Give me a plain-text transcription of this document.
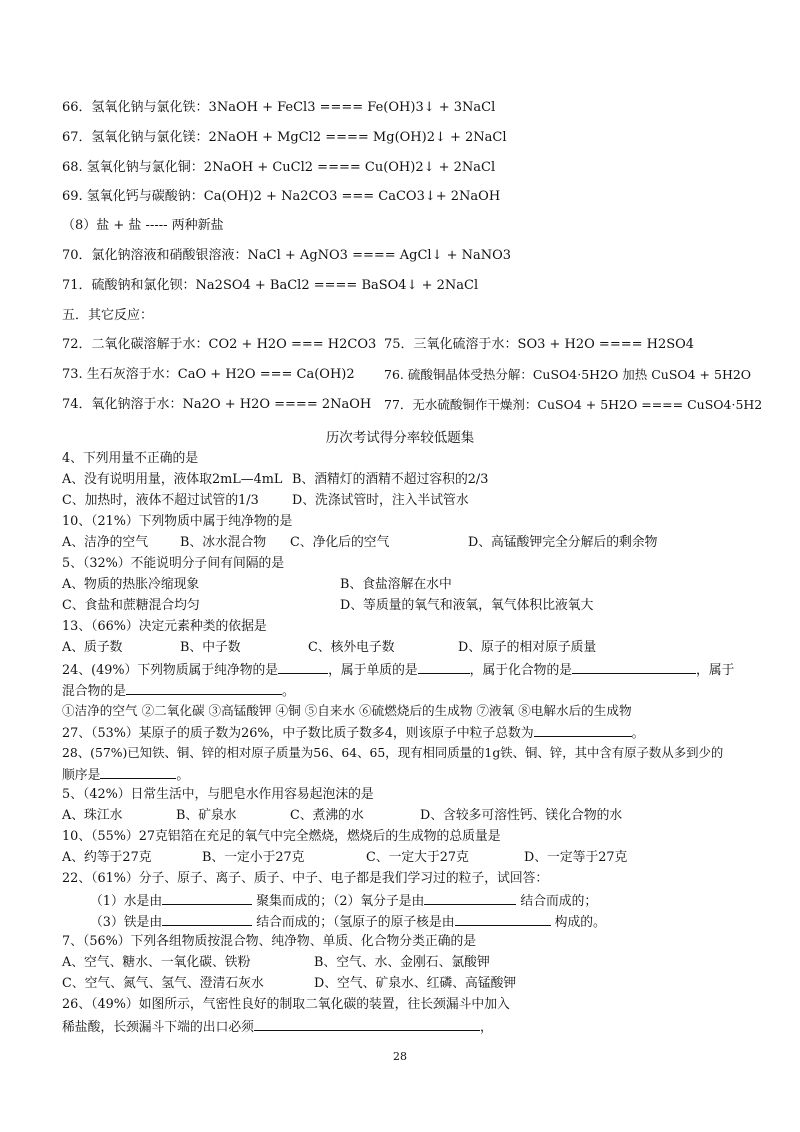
66．氢氧化钠与氯化铁：3NaOH + FeCl3 ==== Fe(OH)3↓ + 3NaCl
67．氢氧化钠与氯化镁：2NaOH + MgCl2 ==== Mg(OH)2↓ + 2NaCl
68. 氢氧化钠与氯化铜：2NaOH + CuCl2 ==== Cu(OH)2↓ + 2NaCl
69. 氢氧化钙与碳酸钠：Ca(OH)2 + Na2CO3 === CaCO3↓+ 2NaOH
（8）盐 + 盐 ----- 两种新盐
70．氯化钠溶液和硝酸银溶液：NaCl + AgNO3 ==== AgCl↓ + NaNO3
71．硫酸钠和氯化钡：Na2SO4 + BaCl2 ==== BaSO4↓ + 2NaCl
五．其它反应：
72．二氧化碳溶解于水：CO2 + H2O === H2CO3 75．三氧化硫溶于水：SO3 + H2O ==== H2SO4
73. 生石灰溶于水：CaO + H2O === Ca(OH)2 76. 硫酸铜晶体受热分解：CuSO4·5H2O 加热 CuSO4 + 5H2O
74．氧化钠溶于水：Na2O + H2O ==== 2NaOH 77．无水硫酸铜作干燥剂：CuSO4 + 5H2O ==== CuSO4·5H2
历次考试得分率较低题集
4、下列用量不正确的是
A、没有说明用量，液体取2mL—4mL B、酒精灯的酒精不超过容积的2/3
C、加热时，液体不超过试管的1/3	D、洗涤试管时，注入半试管水
10、（21%）下列物质中属于纯净物的是
A、洁净的空气 B、冰水混合物 C、净化后的空气	D、高锰酸钾完全分解后的剩余物
5、（32%）不能说明分子间有间隔的是
A、物质的热胀冷缩现象	B、食盐溶解在水中
C、食盐和蔗糖混合均匀	D、等质量的氧气和液氧，氧气体积比液氧大
13、（66%）决定元素种类的依据是
A、质子数	B、中子数	C、核外电子数	D、原子的相对原子质量
24、(49%）下列物质属于纯净物的是	，属于单质的是	，属于化合物的是	，属于
混合物的是	。
①洁净的空气 ②二氧化碳 ③高锰酸钾 ④铜 ⑤自来水 ⑥硫燃烧后的生成物 ⑦液氧 ⑧电解水后的生成物
27、（53%）某原子的质子数为26%，中子数比质子数多4，则该原子中粒子总数为	。
28、(57%)已知铁、铜、锌的相对原子质量为56、64、65，现有相同质量的1g铁、铜、锌，其中含有原子数从多到少的
顺序是	。
5、（42%）日常生活中，与肥皂水作用容易起泡沫的是
A、珠江水	B、矿泉水	C、煮沸的水	D、含较多可溶性钙、镁化合物的水
10、（55%）27克铝箔在充足的氧气中完全燃烧，燃烧后的生成物的总质量是
A、约等于27克	B、一定小于27克	C、一定大于27克	D、一定等于27克
22、（61%）分子、原子、离子、质子、中子、电子都是我们学习过的粒子，试回答：
（1）水是由	聚集而成的；（2）氧分子是由	结合而成的；
（3）铁是由	结合而成的；（氢原子的原子核是由	构成的。
7、（56%）下列各组物质按混合物、纯净物、单质、化合物分类正确的是
A、空气、糖水、一氧化碳、铁粉	B、空气、水、金刚石、氯酸钾
C、空气、氮气、氢气、澄清石灰水	D、空气、矿泉水、红磷、高锰酸钾
26、（49%）如图所示，气密性良好的制取二氧化碳的装置，往长颈漏斗中加入
稀盐酸，长颈漏斗下端的出口必须	，
28
